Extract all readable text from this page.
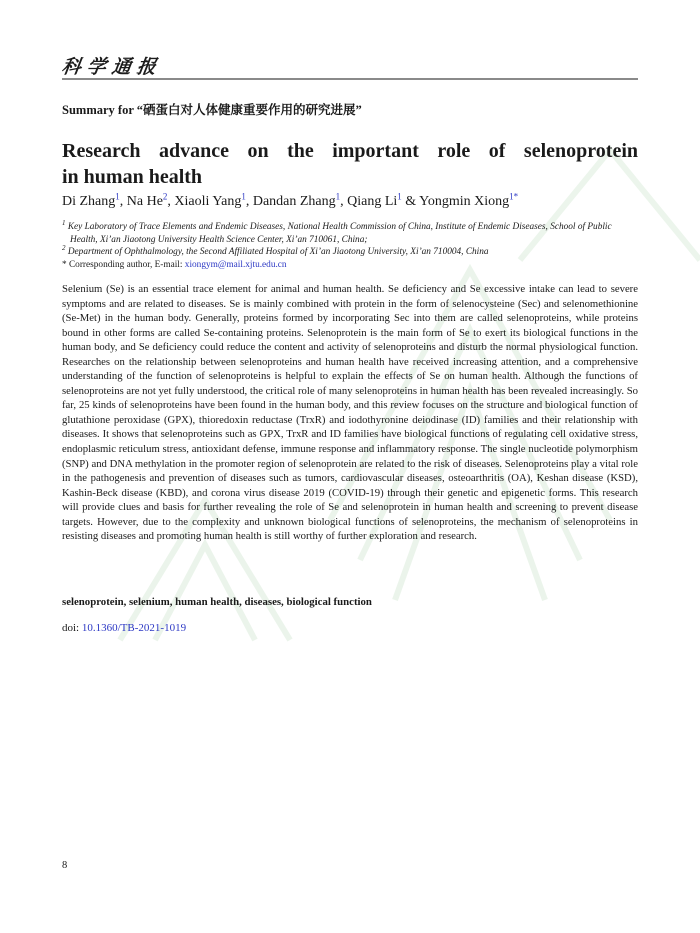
科学通报
Summary for “硒蛋白对人体健康重要作用的研究进展”
Research advance on the important role of selenoprotein
in human health
Di Zhang$^1$, Na He$^2$, Xiaoli Yang$^1$, Dandan Zhang$^1$, Qiang Li$^1$ & Yongmin Xiong$^{1*}$
$^1$ Key Laboratory of Trace Elements and Endemic Diseases, National Health Commission of China, Institute of Endemic Diseases, School of Public Health, Xi’an Jiaotong University Health Science Center, Xi’an 710061, China;
$^2$ Department of Ophthalmology, the Second Affiliated Hospital of Xi’an Jiaotong University, Xi’an 710004, China
* Corresponding author, E-mail: xiongym@mail.xjtu.edu.cn

Selenium (Se) is an essential trace element for animal and human health. Se deficiency and Se excessive intake can lead to severe symptoms and are related to diseases. Se is mainly combined with protein in the form of selenocysteine (Sec) and selenomethionine (Se-Met) in the human body. Generally, proteins formed by incorporating Sec into them are called selenoproteins, while proteins bound in other forms are called Se-containing proteins. Selenoprotein is the main form of Se to exert its biological functions in the human body, and Se deficiency could reduce the content and activity of selenoproteins and disturb the normal physiological function. Researches on the relationship between selenoproteins and human health have received increasing attention, and a comprehensive understanding of the function of selenoproteins is helpful to explain the effects of Se on human health. Although the functions of selenoproteins are not yet fully understood, the critical role of many selenoproteins in human health has been revealed increasingly. So far, 25 kinds of selenoproteins have been found in the human body, and this review focuses on the structure and biological function of glutathione peroxidase (GPX), thioredoxin reductase (TrxR) and iodothyronine deiodinase (ID) families and their relationship with diseases. It shows that selenoproteins such as GPX, TrxR and ID families have biological functions of regulating cell oxidative stress, endoplasmic reticulum stress, antioxidant defense, immune response and inflammatory response. The single nucleotide polymorphism (SNP) and DNA methylation in the promoter region of selenoprotein are related to the risk of diseases. Selenoproteins play a vital role in the pathogenesis and prevention of diseases such as tumors, cardiovascular diseases, osteoarthritis (OA), Keshan disease (KSD), Kashin-Beck disease (KBD), and corona virus disease 2019 (COVID-19) through their genetic and epigenetic forms. This research will provide clues and basis for further revealing the role of Se and selenoprotein in human health and screening to prevent disease targets. However, due to the complexity and unknown biological functions of selenoproteins, the mechanism of selenoproteins in resisting diseases and promoting human health is still worthy of further exploration and research.

selenoprotein, selenium, human health, diseases, biological function
doi: 10.1360/TB-2021-1019
8
